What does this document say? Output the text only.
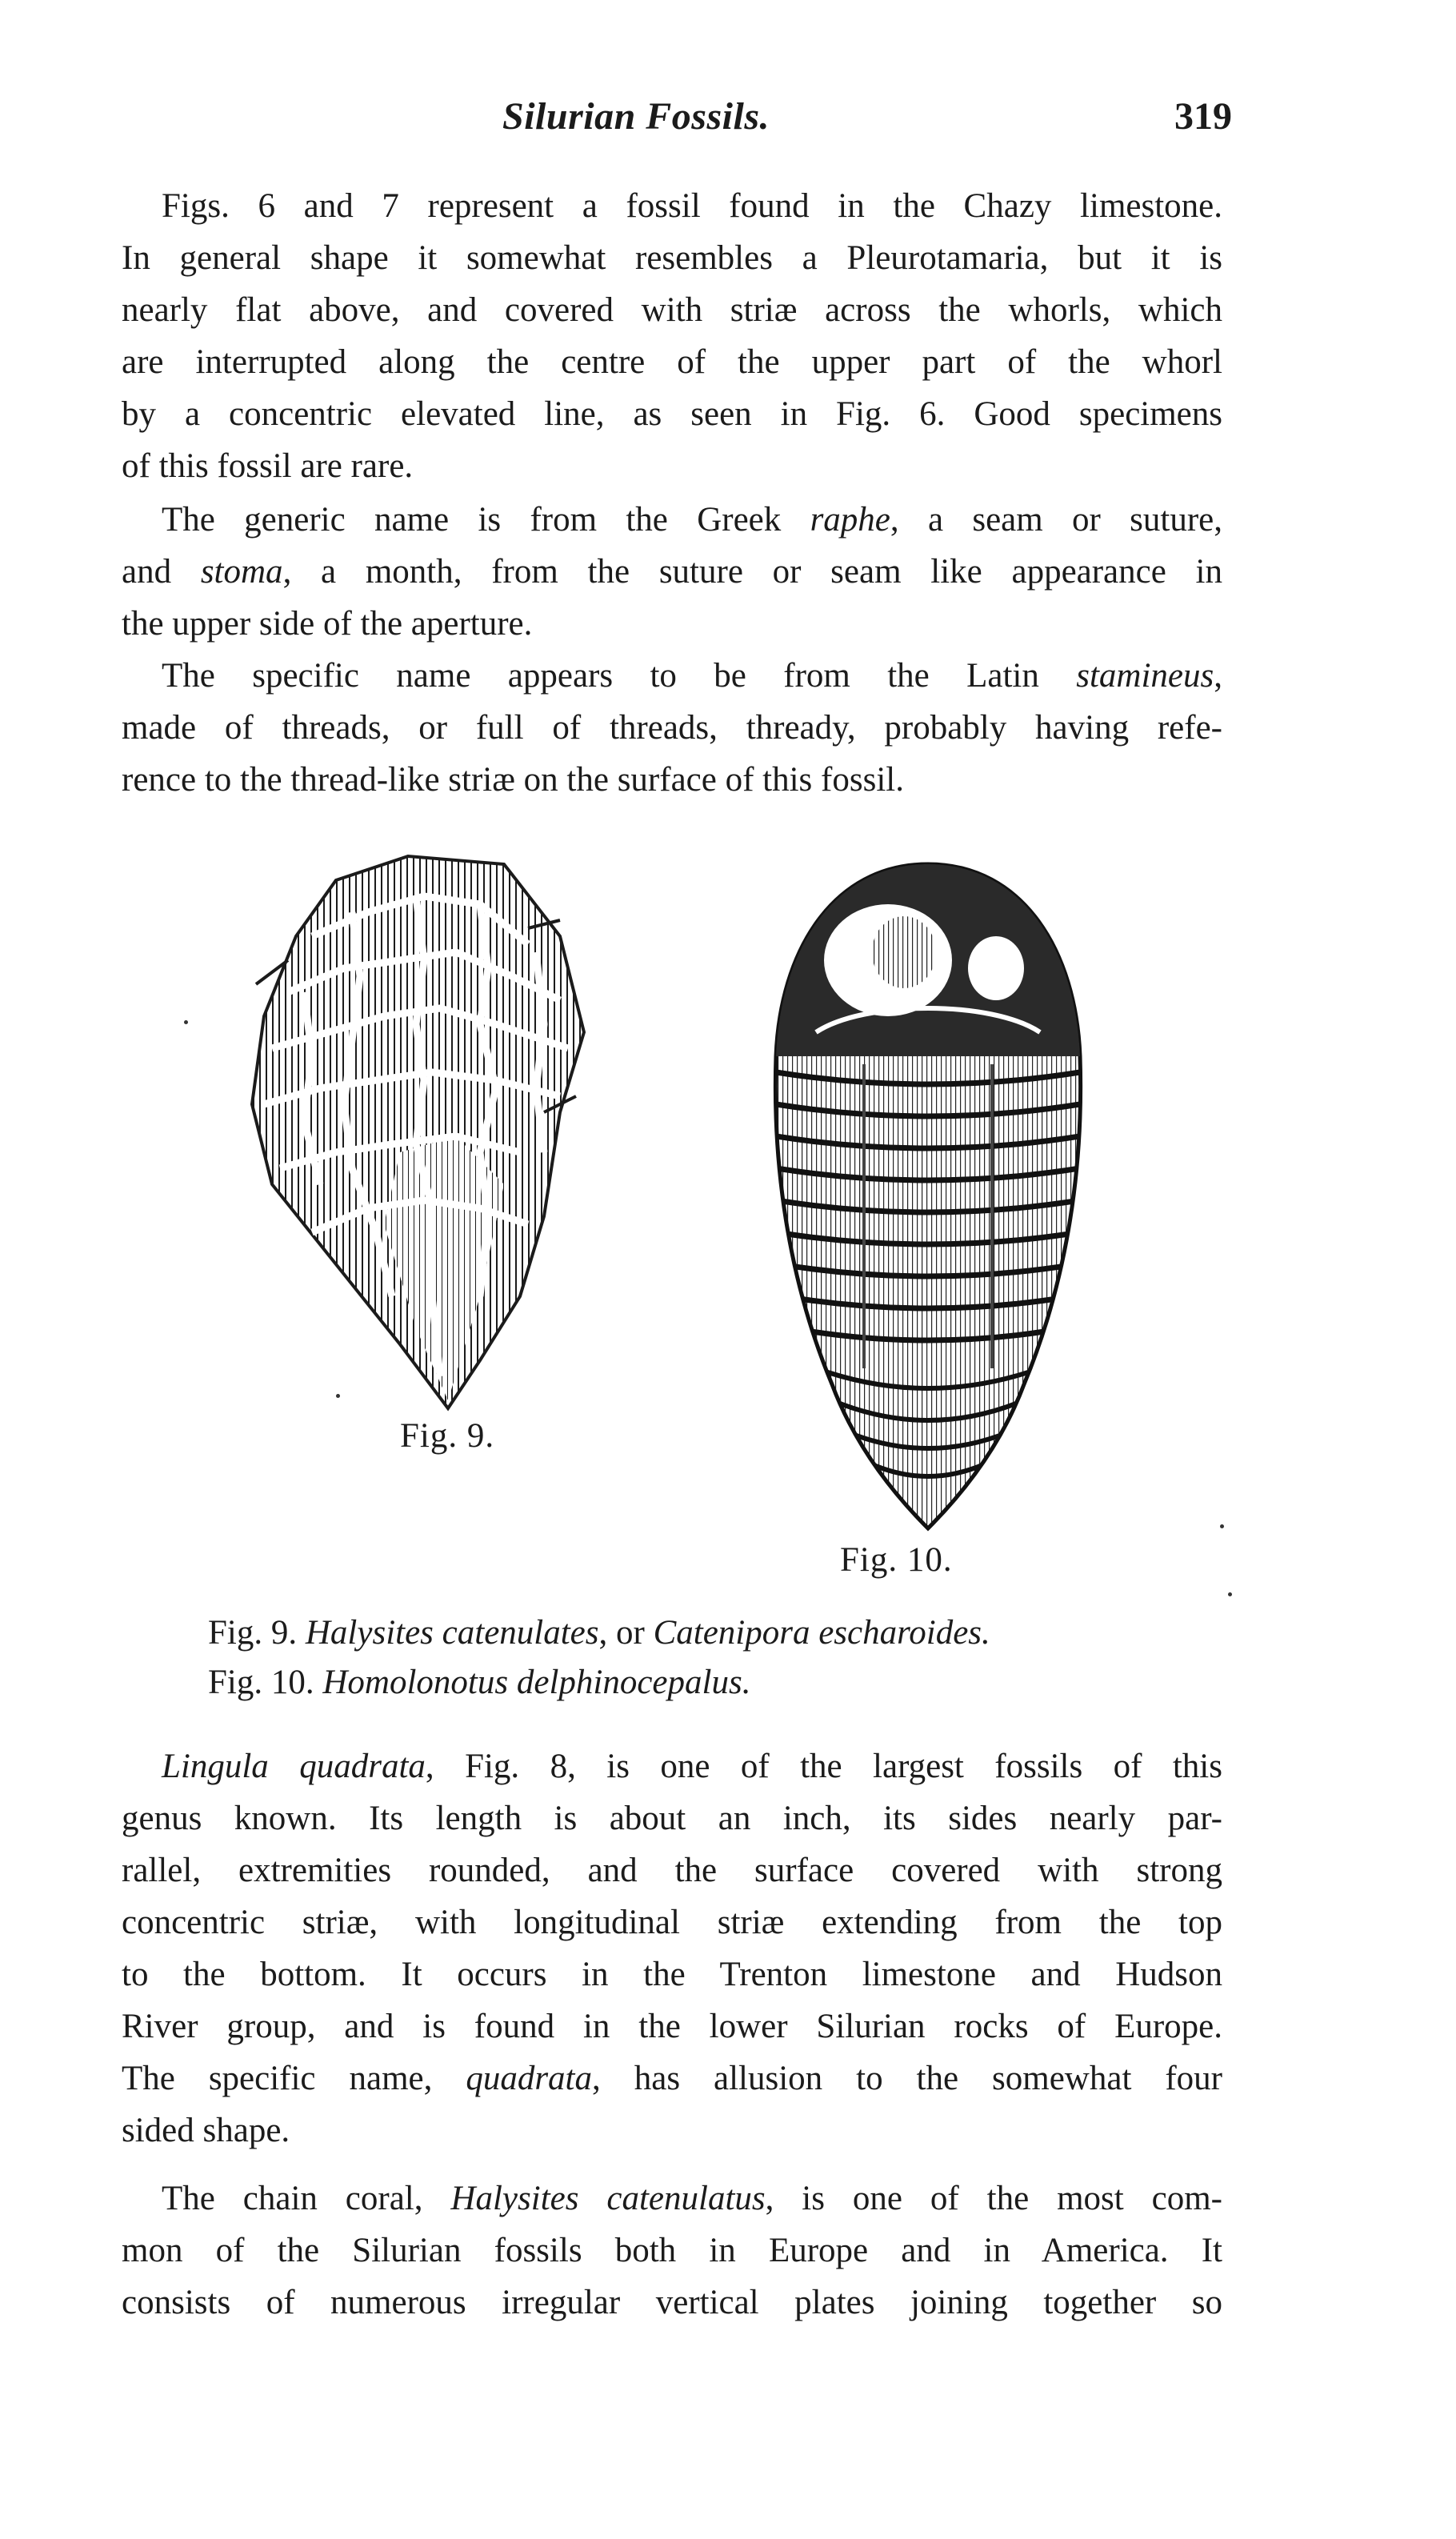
Silurian Fossils.	319
Figs. 6 and 7 represent a fossil found in the Chazy limestone.
In general shape it somewhat resembles a Pleurotamaria, but it is
nearly flat above, and covered with striæ across the whorls, which
are interrupted along the centre of the upper part of the whorl
by a concentric elevated line, as seen in Fig. 6. Good specimens
of this fossil are rare.
The generic name is from the Greek raphe, a seam or suture,
and stoma, a month, from the suture or seam like appearance in
the upper side of the aperture.
The specific name appears to be from the Latin stamineus,
made of threads, or full of threads, thready, probably having refe-
rence to the thread-like striæ on the surface of this fossil.
Fig. 9.
Fig. 10.
Fig. 9. Halysites catenulates, or Catenipora escharoides.
Fig. 10. Homolonotus delphinocepalus.
Lingula quadrata, Fig. 8, is one of the largest fossils of this
genus known. Its length is about an inch, its sides nearly par-
rallel, extremities rounded, and the surface covered with strong
concentric striæ, with longitudinal striæ extending from the top
to the bottom. It occurs in the Trenton limestone and Hudson
River group, and is found in the lower Silurian rocks of Europe.
The specific name, quadrata, has allusion to the somewhat four
sided shape.
The chain coral, Halysites catenulatus, is one of the most com-
mon of the Silurian fossils both in Europe and in America. It
consists of numerous irregular vertical plates joining together so
